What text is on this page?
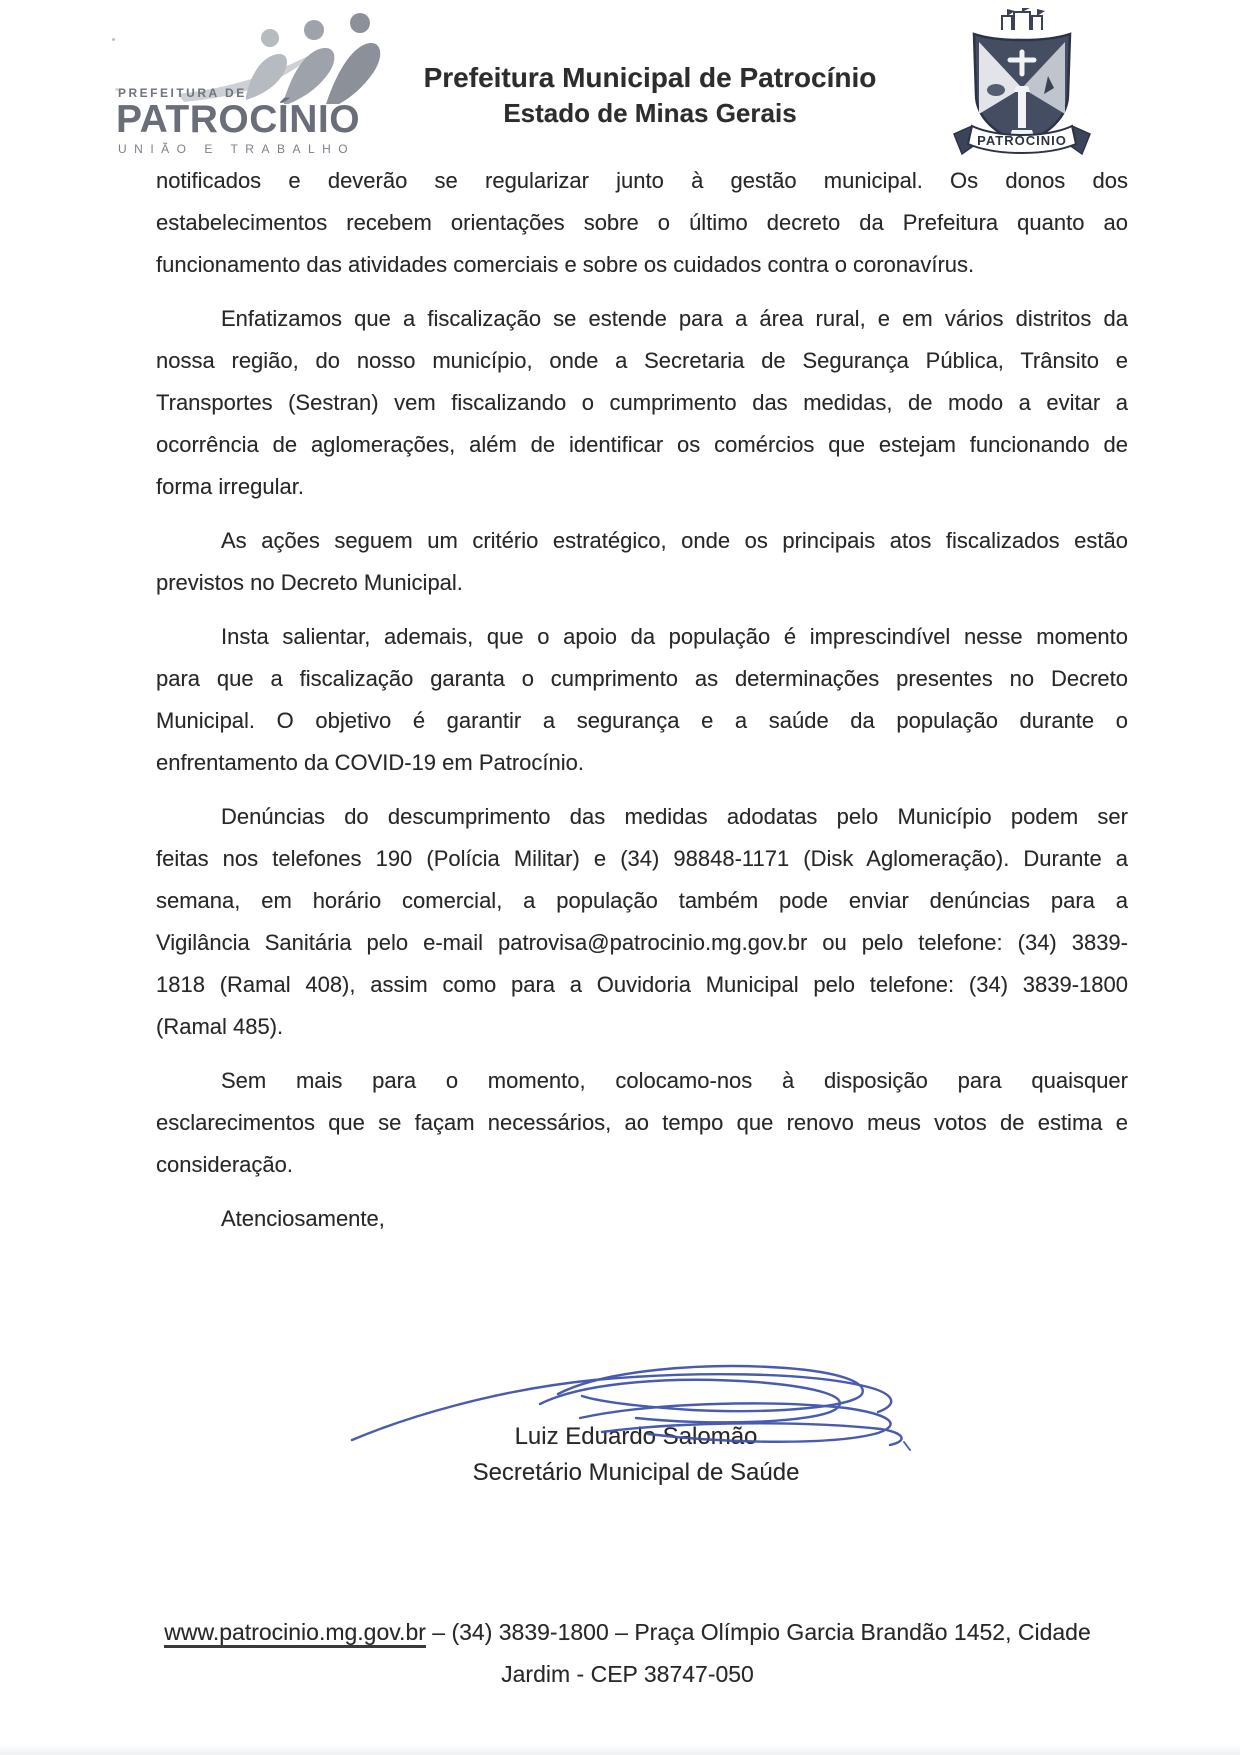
PREFEITURA DE
PATROCÍNIO
UNIÃO E TRABALHO
Prefeitura Municipal de Patrocínio
Estado de Minas Gerais
PATROCÍNIO
notificados e deverão se regularizar junto à gestão municipal. Os donos dos
estabelecimentos recebem orientações sobre o último decreto da Prefeitura quanto ao
funcionamento das atividades comerciais e sobre os cuidados contra o coronavírus.
Enfatizamos que a fiscalização se estende para a área rural, e em vários distritos da
nossa região, do nosso município, onde a Secretaria de Segurança Pública, Trânsito e
Transportes (Sestran) vem fiscalizando o cumprimento das medidas, de modo a evitar a
ocorrência de aglomerações, além de identificar os comércios que estejam funcionando de
forma irregular.
As ações seguem um critério estratégico, onde os principais atos fiscalizados estão
previstos no Decreto Municipal.
Insta salientar, ademais, que o apoio da população é imprescindível nesse momento
para que a fiscalização garanta o cumprimento as determinações presentes no Decreto
Municipal. O objetivo é garantir a segurança e a saúde da população durante o
enfrentamento da COVID-19 em Patrocínio.
Denúncias do descumprimento das medidas adodatas pelo Município podem ser
feitas nos telefones 190 (Polícia Militar) e (34) 98848-1171 (Disk Aglomeração). Durante a
semana, em horário comercial, a população também pode enviar denúncias para a
Vigilância Sanitária pelo e-mail patrovisa@patrocinio.mg.gov.br ou pelo telefone: (34) 3839-
1818 (Ramal 408), assim como para a Ouvidoria Municipal pelo telefone: (34) 3839-1800
(Ramal 485).
Sem mais para o momento, colocamo-nos à disposição para quaisquer
esclarecimentos que se façam necessários, ao tempo que renovo meus votos de estima e
consideração.
Atenciosamente,
Luiz Eduardo Salomão
Secretário Municipal de Saúde
www.patrocinio.mg.gov.br – (34) 3839-1800 – Praça Olímpio Garcia Brandão 1452, Cidade
Jardim - CEP 38747-050
